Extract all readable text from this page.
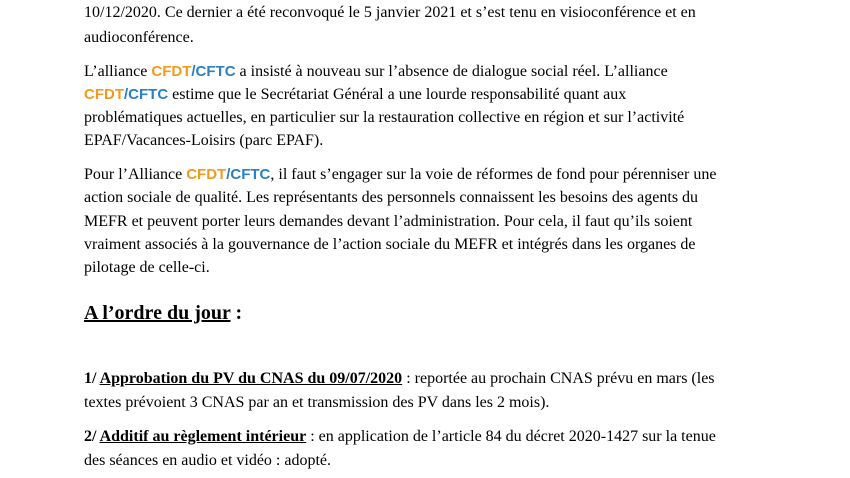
10/12/2020. Ce dernier a été reconvoqué le 5 janvier 2021 et s’est tenu en visioconférence et en
audioconférence.
L’alliance CFDT/CFTC a insisté à nouveau sur l’absence de dialogue social réel. L’alliance
CFDT/CFTC estime que le Secrétariat Général a une lourde responsabilité quant aux
problématiques actuelles, en particulier sur la restauration collective en région et sur l’activité
EPAF/Vacances-Loisirs (parc EPAF).
Pour l’Alliance CFDT/CFTC, il faut s’engager sur la voie de réformes de fond pour pérenniser une
action sociale de qualité. Les représentants des personnels connaissent les besoins des agents du
MEFR et peuvent porter leurs demandes devant l’administration. Pour cela, il faut qu’ils soient
vraiment associés à la gouvernance de l’action sociale du MEFR et intégrés dans les organes de
pilotage de celle-ci.
A l’ordre du jour :
1/ Approbation du PV du CNAS du 09/07/2020 : reportée au prochain CNAS prévu en mars (les
textes prévoient 3 CNAS par an et transmission des PV dans les 2 mois).
2/ Additif au règlement intérieur : en application de l’article 84 du décret 2020-1427 sur la tenue
des séances en audio et vidéo : adopté.
